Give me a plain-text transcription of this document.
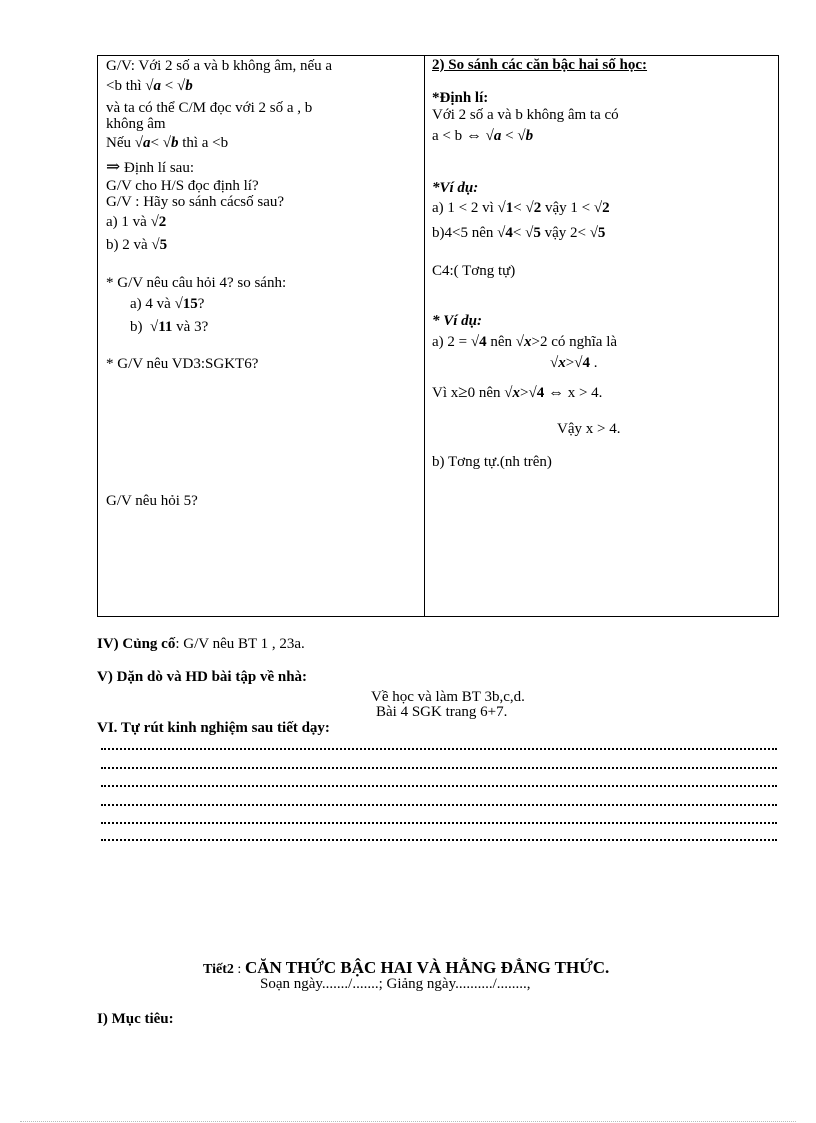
G/V: Với 2 số a và b không âm, nếu a
<b thì √ a < √ b
và ta có thể C/M đọc với 2 số a , b
không âm
Nếu √ a< √ b thì a <b
⇒ Định lí sau:
G/V cho H/S đọc định lí?
G/V : Hãy so sánh cácsố sau?
a) 1 và √ 2
b) 2 và √ 5
* G/V nêu câu hỏi 4? so sánh:
a) 4 và √ 15?
b) √ 11 và 3?
* G/V nêu VD3:SGKT6?
G/V nêu hỏi 5?
2) So sánh các căn bậc hai số học:
*Định lí:
Với 2 số a và b không âm ta có
a < b ⇔ √ a < √ b
*Ví dụ:
a) 1 < 2 vì √ 1< √ 2 vậy 1 < √ 2
b)4<5 nên √ 4< √ 5 vậy 2< √ 5
C4:( Tơng tự)
* Ví dụ:
a) 2 = √ 4 nên √ x>2 có nghĩa là
√ x> √ 4 .
Vì x≥0 nên √ x> √ 4 ⇔ x > 4.
Vậy x > 4.
b) Tơng tự.(nh trên)
IV) Củng cố: G/V nêu BT 1 , 23a.
V) Dặn dò và HD bài tập về nhà:
Về học và làm BT 3b,c,d.
Bài 4 SGK trang 6+7.
VI. Tự rút kinh nghiệm sau tiết dạy:
Tiết2 : CĂN THỨC BẬC HAI VÀ HẰNG ĐẲNG THỨC.
Soạn ngày......./.......; Giảng ngày........../........,
I) Mục tiêu:
